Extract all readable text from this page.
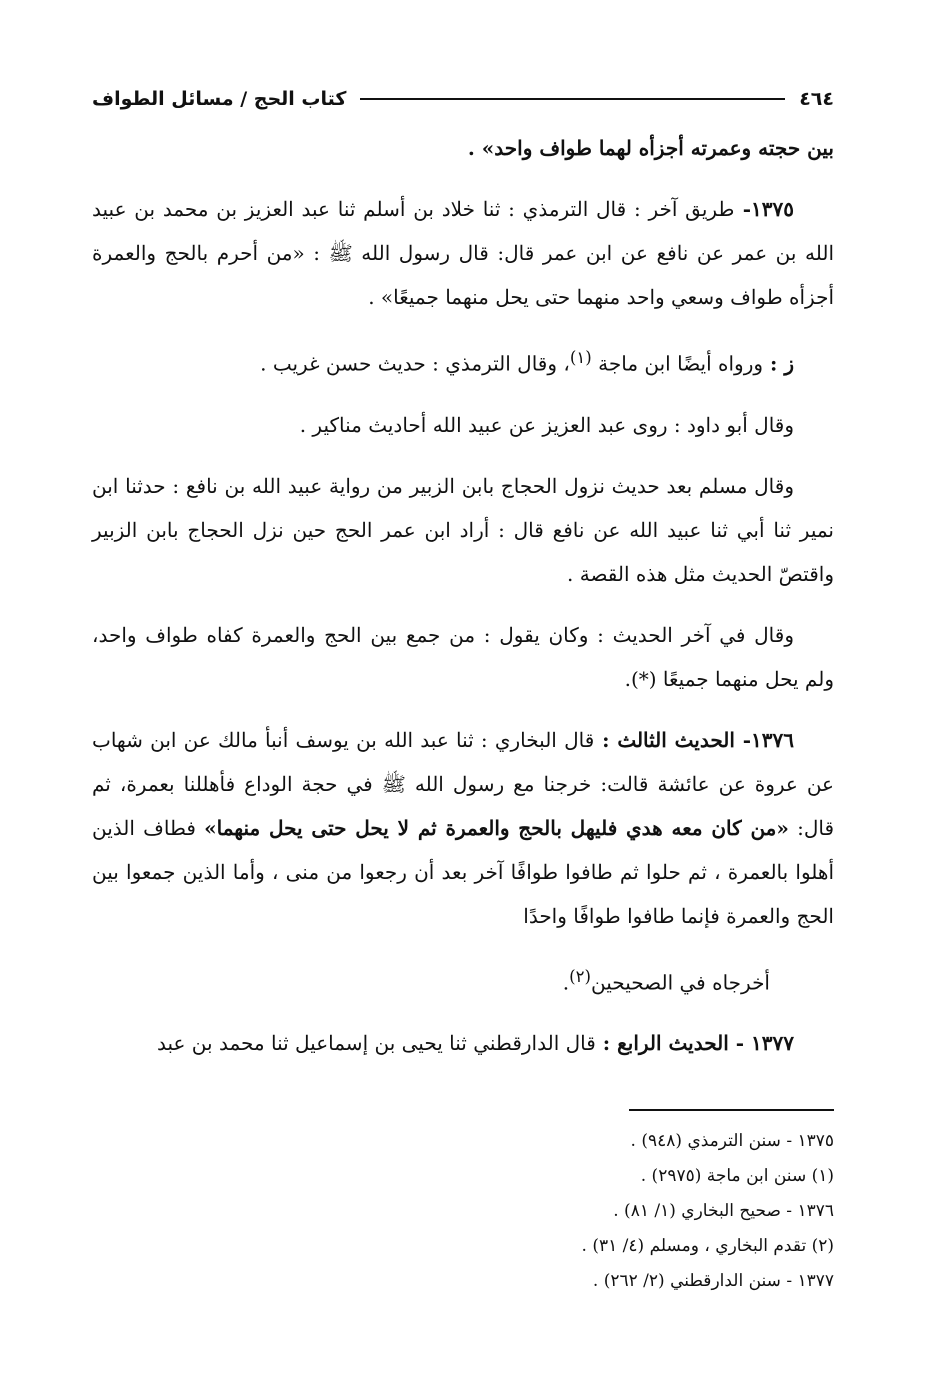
٤٦٤
كتاب الحج / مسائل الطواف

بين حجته وعمرته أجزأه لهما طواف واحد» .

١٣٧٥- طريق آخر : قال الترمذي : ثنا خلاد بن أسلم ثنا عبد العزيز بن محمد بن عبيد الله بن عمر عن نافع عن ابن عمر قال: قال رسول الله ﷺ : «من أحرم بالحج والعمرة أجزأه طواف وسعي واحد منهما حتى يحل منهما جميعًا» .

ز : ورواه أيضًا ابن ماجة $^{(١)}$، وقال الترمذي : حديث حسن غريب .

وقال أبو داود : روى عبد العزيز عن عبيد الله أحاديث مناكير .

وقال مسلم بعد حديث نزول الحجاج بابن الزبير من رواية عبيد الله بن نافع : حدثنا ابن نمير ثنا أبي ثنا عبيد الله عن نافع قال : أراد ابن عمر الحج حين نزل الحجاج بابن الزبير واقتصّ الحديث مثل هذه القصة .

وقال في آخر الحديث : وكان يقول : من جمع بين الحج والعمرة كفاه طواف واحد، ولم يحل منهما جميعًا (*).

١٣٧٦- الحديث الثالث : قال البخاري : ثنا عبد الله بن يوسف أنبأ مالك عن ابن شهاب عن عروة عن عائشة قالت: خرجنا مع رسول الله ﷺ في حجة الوداع فأهللنا بعمرة، ثم قال: «من كان معه هدي فليهل بالحج والعمرة ثم لا يحل حتى يحل منهما» فطاف الذين أهلوا بالعمرة ، ثم حلوا ثم طافوا طوافًا آخر بعد أن رجعوا من منى ، وأما الذين جمعوا بين الحج والعمرة فإنما طافوا طوافًا واحدًا

أخرجاه في الصحيحين$^{(٢)}$.

١٣٧٧ - الحديث الرابع : قال الدارقطني ثنا يحيى بن إسماعيل ثنا محمد بن عبد

١٣٧٥ - سنن الترمذي (٩٤٨) .
(١) سنن ابن ماجة (٢٩٧٥) .
١٣٧٦ - صحيح البخاري (١/ ٨١) .
(٢) تقدم البخاري ، ومسلم (٤/ ٣١) .
١٣٧٧ - سنن الدارقطني (٢/ ٢٦٢) .
